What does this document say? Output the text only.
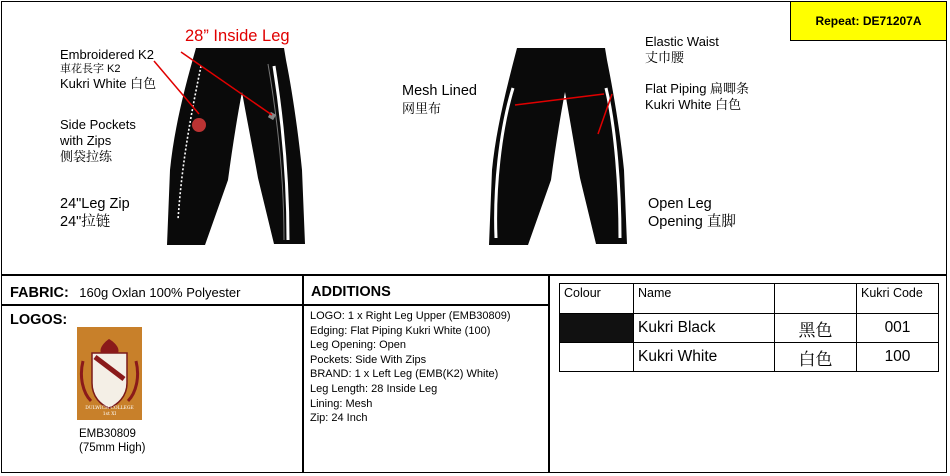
Repeat: DE71207A
28” Inside Leg
Embroidered K2
車花長字 K2
Kukri White 白色
Side Pockets
with Zips
侧袋拉练
24"Leg Zip
24"拉链
Mesh Lined
网里布
Elastic Waist
丈巾腰
Flat Piping 扁唧条
Kukri White 白色
Open Leg
Opening 直脚
FABRIC: 160g Oxlan 100% Polyester
LOGOS:
DULWICH COLLEGE
1st XI
EMB30809
(75mm High)
ADDITIONS
LOGO: 1 x Right Leg Upper (EMB30809)
Edging: Flat Piping Kukri White (100)
Leg Opening: Open
Pockets: Side With Zips
BRAND: 1 x Left Leg (EMB(K2) White)
Leg Length: 28 Inside Leg
Lining: Mesh
Zip: 24 Inch
Colour	Name		Kukri Code
	Kukri Black	黑色	001
	Kukri White	白色	100
